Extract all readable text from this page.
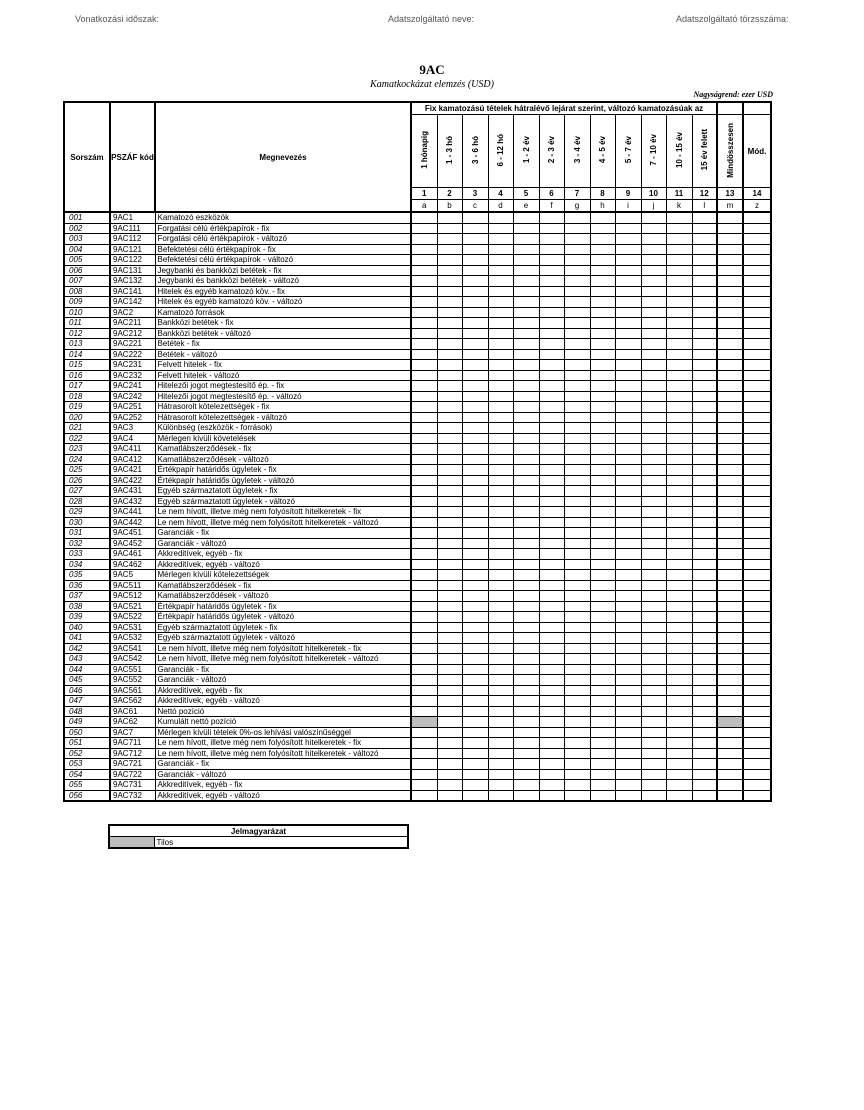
Vonatkozási időszak:	Adatszolgáltató neve:	Adatszolgáltató törzsszáma:
9AC
Kamatkockázat elemzés (USD)
Nagyságrend: ezer USD
Sorszám	PSZÁF kód	Megnevezés	Fix kamatozású tételek hátralévő lejárat szerint, változó kamatozásúak az													
			1 hónapig	1 - 3 hó	3 - 6 hó	6 - 12 hó	1 - 2 év	2 - 3 év	3 - 4 év	4 - 5 év	5 - 7 év	7 - 10 év	10 - 15 év	15 év felett	Mindösszesen	Mód.
			1	2	3	4	5	6	7	8	9	10	11	12	13	14
			a	b	c	d	e	f	g	h	i	j	k	l	m	z
001	9AC1	Kamatozó eszközök														
002	9AC111	Forgatási célú értékpapírok - fix														
003	9AC112	Forgatási célú értékpapírok - változó														
004	9AC121	Befektetési célú értékpapírok - fix														
005	9AC122	Befektetési célú értékpapírok - változó														
006	9AC131	Jegybanki és bankközi betétek - fix														
007	9AC132	Jegybanki és bankközi betétek - változó														
008	9AC141	Hitelek és egyéb kamatozó köv. - fix														
009	9AC142	Hitelek és egyéb kamatozó köv. - változó														
010	9AC2	Kamatozó források														
011	9AC211	Bankközi betétek - fix														
012	9AC212	Bankközi betétek - változó														
013	9AC221	Betétek - fix														
014	9AC222	Betétek - változó														
015	9AC231	Felvett hitelek - fix														
016	9AC232	Felvett hitelek - változó														
017	9AC241	Hitelezői jogot megtestesítő ép. - fix														
018	9AC242	Hitelezői jogot megtestesítő ép. - változó														
019	9AC251	Hátrasorolt kötelezettségek - fix														
020	9AC252	Hátrasorolt kötelezettségek - változó														
021	9AC3	Különbség (eszközök - források)														
022	9AC4	Mérlegen kívüli követelések														
023	9AC411	Kamatlábszerződések - fix														
024	9AC412	Kamatlábszerződések - változó														
025	9AC421	Értékpapír határidős ügyletek - fix														
026	9AC422	Értékpapír határidős ügyletek - változó														
027	9AC431	Egyéb származtatott ügyletek - fix														
028	9AC432	Egyéb származtatott ügyletek - változó														
029	9AC441	Le nem hívott, illetve még nem folyósított hitelkeretek - fix														
030	9AC442	Le nem hívott, illetve még nem folyósított hitelkeretek - változó														
031	9AC451	Garanciák - fix														
032	9AC452	Garanciák - változó														
033	9AC461	Akkreditívek, egyéb - fix														
034	9AC462	Akkreditívek, egyéb - változó														
035	9AC5	Mérlegen kívüli kötelezettségek														
036	9AC511	Kamatlábszerződések - fix														
037	9AC512	Kamatlábszerződések - változó														
038	9AC521	Értékpapír határidős ügyletek - fix														
039	9AC522	Értékpapír határidős ügyletek - változó														
040	9AC531	Egyéb származtatott ügyletek - fix														
041	9AC532	Egyéb származtatott ügyletek - változó														
042	9AC541	Le nem hívott, illetve még nem folyósított hitelkeretek - fix														
043	9AC542	Le nem hívott, illetve még nem folyósított hitelkeretek - változó														
044	9AC551	Garanciák - fix														
045	9AC552	Garanciák - változó														
046	9AC561	Akkreditívek, egyéb - fix														
047	9AC562	Akkreditívek, egyéb - változó														
048	9AC61	Nettó pozíció														
049	9AC62	Kumulált nettó pozíció														
050	9AC7	Mérlegen kívüli tételek 0%-os lehívási valószínűséggel														
051	9AC711	Le nem hívott, illetve még nem folyósított hitelkeretek - fix														
052	9AC712	Le nem hívott, illetve még nem folyósított hitelkeretek - változó														
053	9AC721	Garanciák - fix														
054	9AC722	Garanciák - változó														
055	9AC731	Akkreditívek, egyéb - fix														
056	9AC732	Akkreditívek, egyéb - változó														
Jelmagyarázat
	Tilos
